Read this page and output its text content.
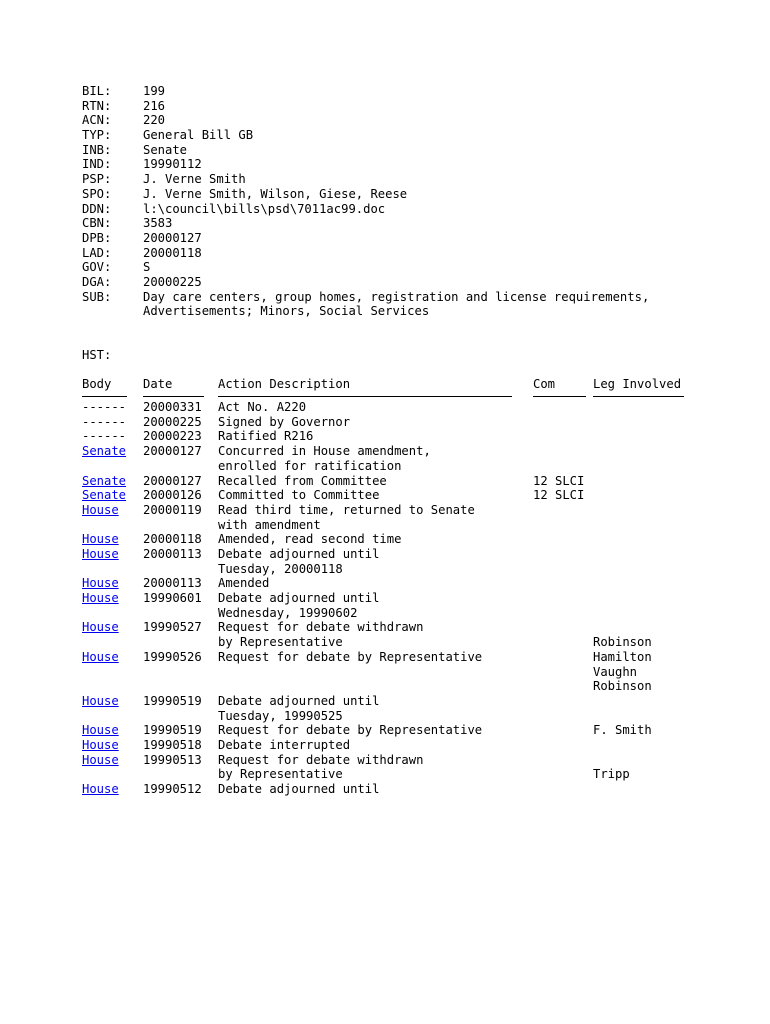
BIL:	199
RTN:	216
ACN:	220
TYP:	General Bill GB
INB:	Senate
IND:	19990112
PSP:	J. Verne Smith
SPO:	J. Verne Smith, Wilson, Giese, Reese
DDN:	l:\council\bills\psd\7011ac99.doc
CBN:	3583
DPB:	20000127
LAD:	20000118
GOV:	S
DGA:	20000225
SUB:	Day care centers, group homes, registration and license requirements,
Advertisements; Minors, Social Services
HST:
Body	Date	Action Description	Com	Leg Involved
------	20000331	Act No. A220
------	20000225	Signed by Governor
------	20000223	Ratified R216
Senate	20000127	Concurred in House amendment,
enrolled for ratification
Senate	20000127	Recalled from Committee	12 SLCI
Senate	20000126	Committed to Committee	12 SLCI
House	20000119	Read third time, returned to Senate
with amendment
House	20000118	Amended, read second time
House	20000113	Debate adjourned until
Tuesday, 20000118
House	20000113	Amended
House	19990601	Debate adjourned until
Wednesday, 19990602
House	19990527	Request for debate withdrawn
by Representative	Robinson
House	19990526	Request for debate by Representative	Hamilton
Vaughn
Robinson
House	19990519	Debate adjourned until
Tuesday, 19990525
House	19990519	Request for debate by Representative	F. Smith
House	19990518	Debate interrupted
House	19990513	Request for debate withdrawn
by Representative	Tripp
House	19990512	Debate adjourned until
